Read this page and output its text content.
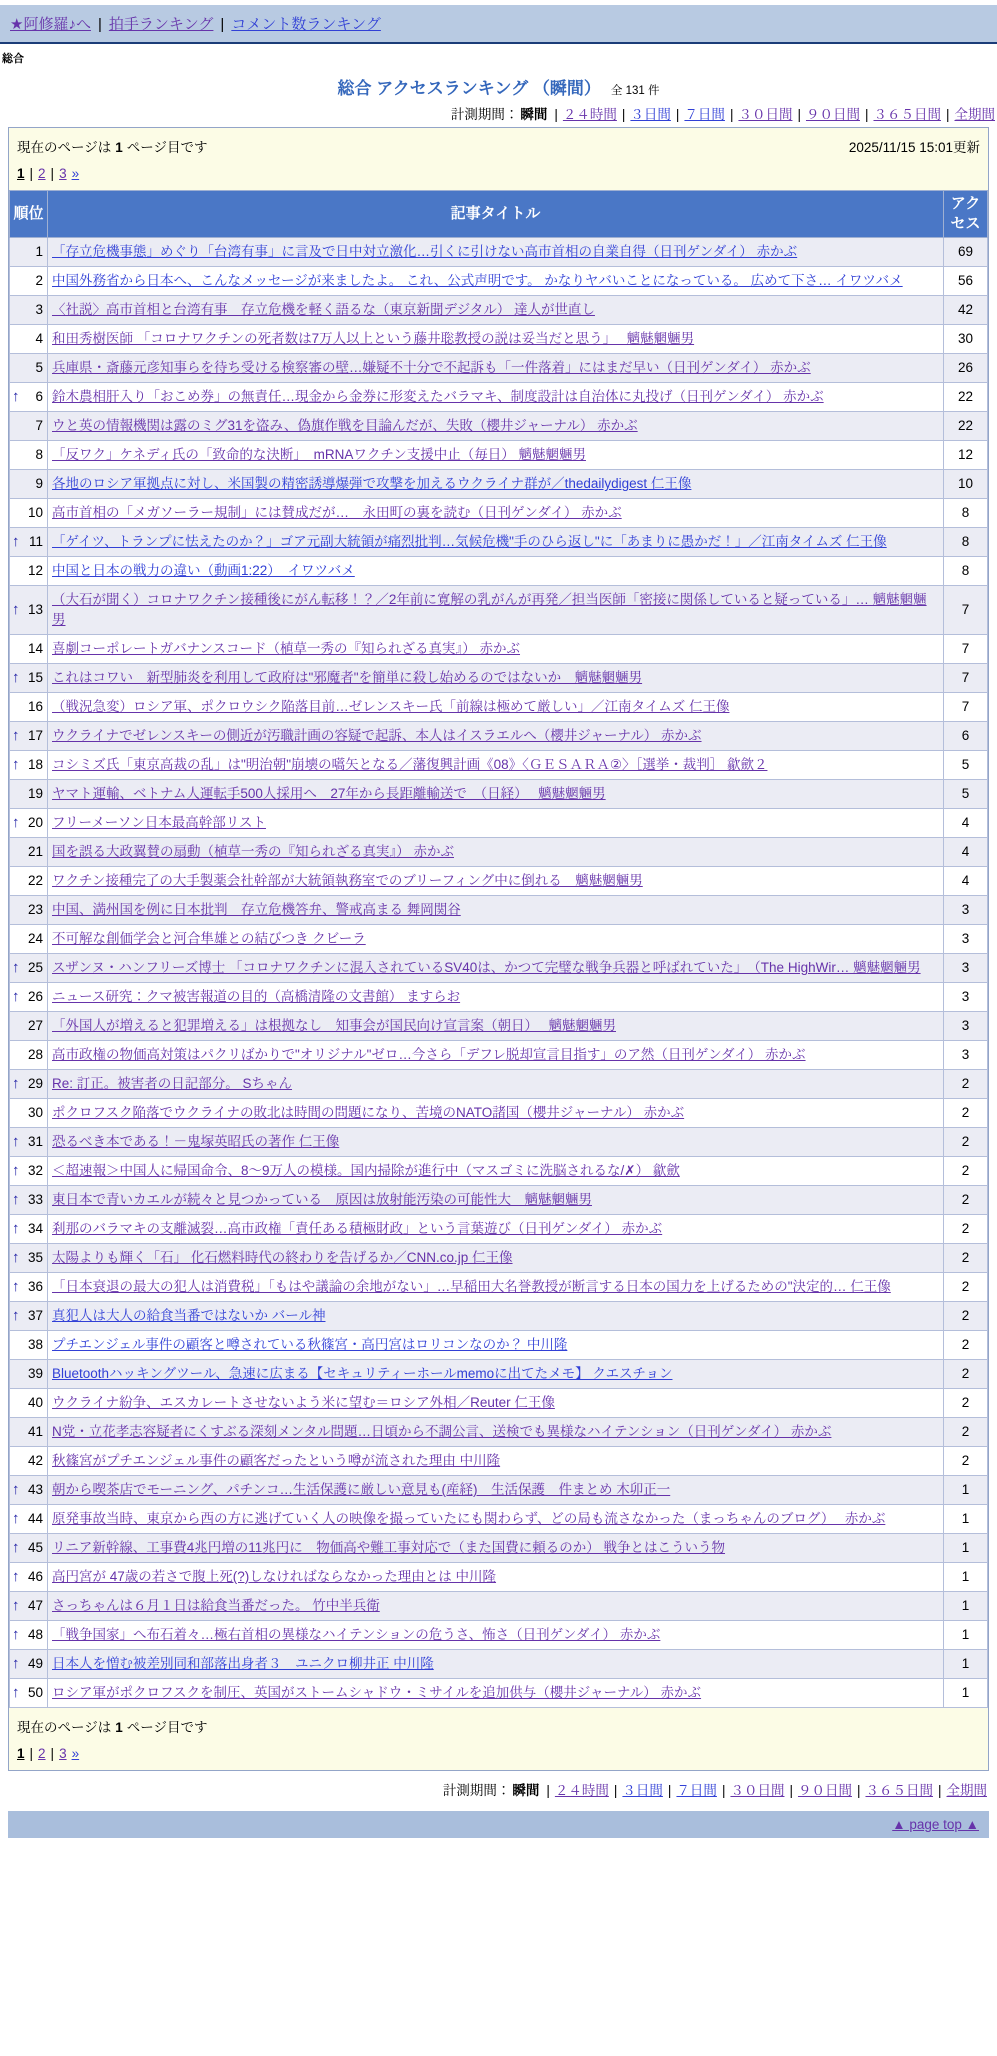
★阿修羅♪へ | 拍手ランキング | コメント数ランキング
総合
総合 アクセスランキング （瞬間） 全 131 件
計測期間： 瞬間 | ２４時間 | ３日間 | ７日間 | ３０日間 | ９０日間 | ３６５日間 | 全期間
現在のページは 1 ページ目です	2025/11/15 15:01更新
1 | 2 | 3 »
順位	記事タイトル	アクセス
1	「存立危機事態」めぐり「台湾有事」に言及で日中対立激化…引くに引けない高市首相の自業自得（日刊ゲンダイ） 赤かぶ	69
2	中国外務省から日本へ、こんなメッセージが来ましたよ。 これ、公式声明です。 かなりヤバいことになっている。 広めて下さ… イワツバメ	56
3	〈社説〉高市首相と台湾有事　存立危機を軽く語るな（東京新聞デジタル） 達人が世直し	42
4	和田秀樹医師 「コロナワクチンの死者数は7万人以上という藤井聡教授の説は妥当だと思う」　 魑魅魍魎男	30
5	兵庫県・斎藤元彦知事らを待ち受ける検察審の壁…嫌疑不十分で不起訴も「一件落着」にはまだ早い（日刊ゲンダイ） 赤かぶ	26

↑ 6	鈴木農相肝入り「おこめ券」の無責任…現金から金券に形変えたバラマキ、制度設計は自治体に丸投げ（日刊ゲンダイ） 赤かぶ	22
7	ウと英の情報機関は露のミグ31を盗み、偽旗作戦を目論んだが、失敗（櫻井ジャーナル） 赤かぶ	22
8	「反ワク」ケネディ氏の「致命的な決断」　mRNAワクチン支援中止（毎日） 魑魅魍魎男	12
9	各地のロシア軍拠点に対し、米国製の精密誘導爆弾で攻撃を加えるウクライナ群が／thedailydigest 仁王像	10
10	高市首相の「メガソーラー規制」には賛成だが…　永田町の裏を読む（日刊ゲンダイ） 赤かぶ	8

↑ 11	「ゲイツ、トランプに怯えたのか？」ゴア元副大統領が痛烈批判…気候危機"手のひら返し"に「あまりに愚かだ！」／江南タイムズ 仁王像	8
12	中国と日本の戦力の違い（動画1:22）　イワツバメ	8

↑ 13	（大石が聞く）コロナワクチン接種後にがん転移！？／2年前に寛解の乳がんが再発／担当医師「密接に関係していると疑っている」… 魑魅魍魎男	7
14	喜劇コーポレートガバナンスコード（植草一秀の『知られざる真実』） 赤かぶ	7

↑ 15	これはコワい　新型肺炎を利用して政府は"邪魔者"を簡単に殺し始めるのではないか　魑魅魍魎男	7
16	（戦況急変）ロシア軍、ポクロウシク陥落目前…ゼレンスキー氏「前線は極めて厳しい」／江南タイムズ 仁王像	7

↑ 17	ウクライナでゼレンスキーの側近が汚職計画の容疑で起訴、本人はイスラエルへ（櫻井ジャーナル） 赤かぶ	6

↑ 18	コシミズ氏「東京高裁の乱」は"明治朝"崩壊の嚆矢となる／藩復興計画《08》〈ＧＥＳＡＲＡ②〉［選挙・裁判］ 歙歛２	5
19	ヤマト運輸、ベトナム人運転手500人採用へ　27年から長距離輸送で　（日経）　 魑魅魍魎男	5

↑ 20	フリーメーソン日本最高幹部リスト	4
21	国を誤る大政翼賛の扇動（植草一秀の『知られざる真実』） 赤かぶ	4
22	ワクチン接種完了の大手製薬会社幹部が大統領執務室でのブリーフィング中に倒れる　魑魅魍魎男	4
23	中国、満州国を例に日本批判　存立危機答弁、警戒高まる 舞岡関谷	3
24	不可解な創価学会と河合隼雄との結びつき クビーラ	3

↑ 25	スザンヌ・ハンフリーズ博士 「コロナワクチンに混入されているSV40は、かつて完璧な戦争兵器と呼ばれていた」　（The HighWir… 魑魅魍魎男	3

↑ 26	ニュース研究：クマ被害報道の目的（高橋清隆の文書館） ますらお	3
27	「外国人が増えると犯罪増える」は根拠なし　知事会が国民向け宣言案（朝日）　 魑魅魍魎男	3
28	高市政権の物価高対策はパクリばかりで"オリジナル"ゼロ…今さら「デフレ脱却宣言目指す」のア然（日刊ゲンダイ） 赤かぶ	3

↑ 29	Re: 訂正。被害者の日記部分。 Sちゃん	2
30	ポクロフスク陥落でウクライナの敗北は時間の問題になり、苦境のNATO諸国（櫻井ジャーナル） 赤かぶ	2

↑ 31	恐るべき本である！－鬼塚英昭氏の著作 仁王像	2

↑ 32	＜超速報＞中国人に帰国命令、8〜9万人の模様。国内掃除が進行中（マスゴミに洗脳されるな/✗） 歙歛	2

↑ 33	東日本で青いカエルが続々と見つかっている　原因は放射能汚染の可能性大　魑魅魍魎男	2

↑ 34	刹那のバラマキの支離滅裂…高市政権「責任ある積極財政」という言葉遊び（日刊ゲンダイ） 赤かぶ	2

↑ 35	太陽よりも輝く「石」 化石燃料時代の終わりを告げるか／CNN.co.jp 仁王像	2

↑ 36	「日本衰退の最大の犯人は消費税」「もはや議論の余地がない」…早稲田大名誉教授が断言する日本の国力を上げるための"決定的… 仁王像	2

↑ 37	真犯人は大人の給食当番ではないか バール神	2
38	プチエンジェル事件の顧客と噂されている秋篠宮・高円宮はロリコンなのか？ 中川隆	2
39	Bluetoothハッキングツール、急速に広まる【セキュリティーホールmemoに出てたメモ】 クエスチョン	2
40	ウクライナ紛争、エスカレートさせないよう米に望む＝ロシア外相／Reuter 仁王像	2
41	N党・立花孝志容疑者にくすぶる深刻メンタル問題…日頃から不調公言、送検でも異様なハイテンション（日刊ゲンダイ） 赤かぶ	2
42	秋篠宮がプチエンジェル事件の顧客だったという噂が流された理由 中川隆	2

↑ 43	朝から喫茶店でモーニング、パチンコ…生活保護に厳しい意見も(産経)　生活保護　件まとめ 木卯正一	1

↑ 44	原発事故当時、東京から西の方に逃げていく人の映像を撮っていたにも関わらず、どの局も流さなかった（まっちゃんのブログ）　 赤かぶ	1

↑ 45	リニア新幹線、工事費4兆円増の11兆円に　物価高や難工事対応で（また国費に頼るのか） 戦争とはこういう物	1

↑ 46	高円宮が 47歳の若さで腹上死(?)しなければならなかった理由とは 中川隆	1

↑ 47	さっちゃんは６月１日は給食当番だった。 竹中半兵衛	1

↑ 48	「戦争国家」へ布石着々…極右首相の異様なハイテンションの危うさ、怖さ（日刊ゲンダイ） 赤かぶ	1

↑ 49	日本人を憎む被差別同和部落出身者３＿ユニクロ柳井正 中川隆	1

↑ 50	ロシア軍がポクロフスクを制圧、英国がストームシャドウ・ミサイルを追加供与（櫻井ジャーナル） 赤かぶ	1
現在のページは 1 ページ目です
1 | 2 | 3 »
計測期間： 瞬間 | ２４時間 | ３日間 | ７日間 | ３０日間 | ９０日間 | ３６５日間 | 全期間
▲ page top ▲
